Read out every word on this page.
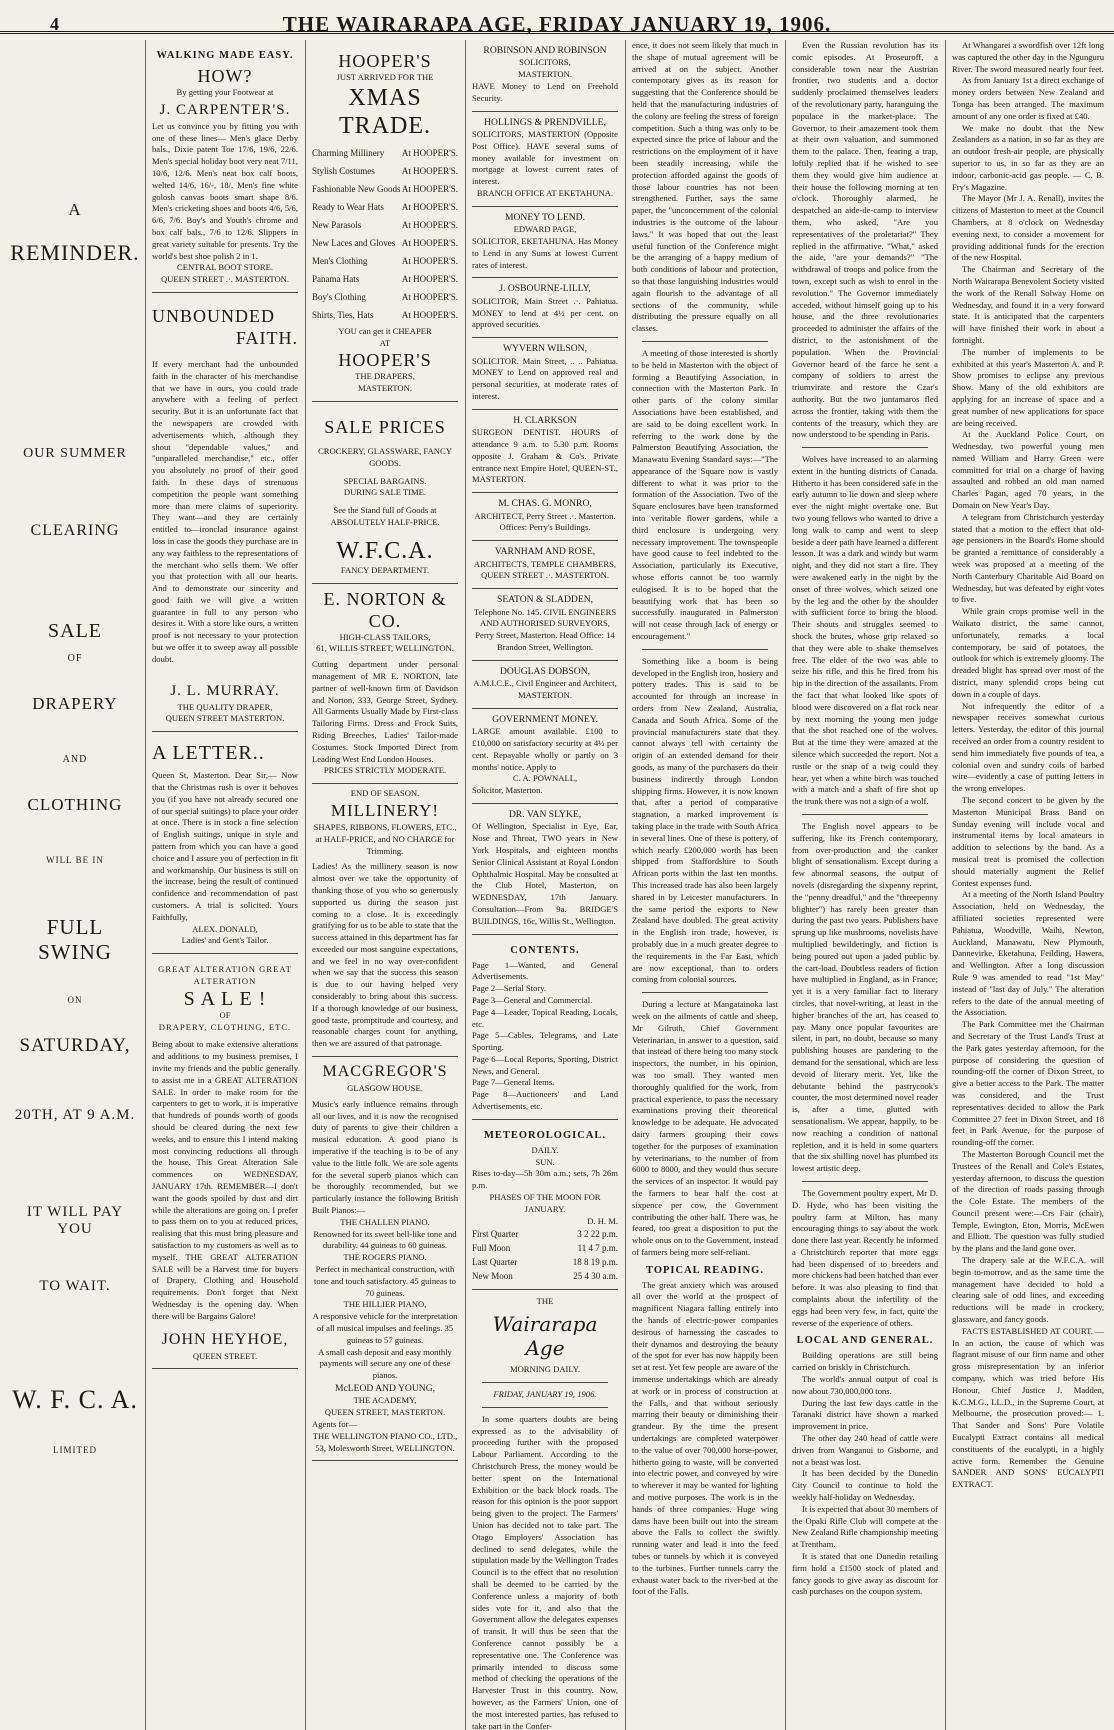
4	THE WAIRARAPA AGE, FRIDAY JANUARY 19, 1906.
A
REMINDER.
OUR SUMMER
CLEARING
SALE
OF
DRAPERY
AND
CLOTHING
WILL BE IN
FULL SWING
ON
SATURDAY,
20TH, AT 9 A.M.
IT WILL PAY YOU
TO WAIT.
W. F. C. A.
LIMITED
WALKING MADE EASY.
HOW?
By getting your Footwear at
J. CARPENTER'S.

Let us convince you by fitting you with one of these lines— Men's glace Derby bals., Dixie patent Toe 17/6, 19/6, 22/6. Men's special holiday boot very neat 7/11, 10/6, 12/6. Men's neat box calf boots, welted 14/6, 16/-, 18/. Men's fine white golosh canvas boots smart shape 8/6. Men's cricketing shoes and boots 4/6, 5/6, 6/6, 7/6. Boy's and Youth's chrome and box calf bals., 7/6 to 12/6. Slippers in great variety suitable for presents. Try the world's best shoe polish 2 in 1.

CENTRAL BOOT STORE.
QUEEN STREET .·. MASTERTON.
UNBOUNDED
FAITH.

If every merchant had the unbounded faith in the character of his merchandise that we have in ours, you could trade anywhere with a feeling of perfect security. But it is an unfortunate fact that the newspapers are crowded with advertisements which, although they shout "dependable values," and "unparalleled merchandise," etc., offer you absolutely no proof of their good faith. In these days of strenuous competition the people want something more than mere claims of superiority. They want—and they are certainly entitled to—ironclad insurance against loss in case the goods they purchase are in any way faithless to the representations of the merchant who sells them. We offer you that protection with all our hearts. And to demonstrate our sincerity and good faith we will give a written guarantee in full to any person who desires it. With a store like ours, a written proof is not necessary to your protection but we offer it to sweep away all possible doubt.

J. L. MURRAY.
THE QUALITY DRAPER,
QUEEN STREET MASTERTON.
A LETTER..

Queen St, Masterton. Dear Sir,— Now that the Christmas rush is over it behoves you (if you have not already secured one of our special suitings) to place your order at once. There is in stock a fine selection of English suitings, unique in style and pattern from which you can have a good choice and I assure you of perfection in fit and workmanship. Our business is still on the increase, being the result of continued confidence and recommendation of past customers. A trial is solicited. Yours Faithfully,

ALEX. DONALD,
Ladies' and Gent's Tailor.
GREAT ALTERATION GREAT ALTERATION
S A L E !
OF
DRAPERY, CLOTHING, ETC.

Being about to make extensive alterations and additions to my business premises, I invite my friends and the public generally to assist me in a GREAT ALTERATION SALE. In order to make room for the carpenters to get to work, it is imperative that hundreds of pounds worth of goods should be cleared during the next few weeks, and to ensure this I intend making most convincing reductions all through the house. This Great Alteration Sale commences on WEDNESDAY, JANUARY 17th. REMEMBER—I don't want the goods spoiled by dust and dirt while the alterations are going on. I prefer to pass them on to you at reduced prices, realising that this must bring pleasure and satisfaction to my customers as well as to myself. THE GREAT ALTERATION SALE will be a Harvest time for buyers of Drapery, Clothing and Household requirements. Don't forget that Next Wednesday is the opening day. When there will be Bargains Galore!

JOHN HEYHOE,
QUEEN STREET.
HOOPER'S
JUST ARRIVED FOR THE
XMAS TRADE.
Charming Millinery At HOOPER'S.
Stylish Costumes	At HOOPER'S.
Fashionable New Goods At HOOPER'S.
Ready to Wear Hats At HOOPER'S.
New Parasols	At HOOPER'S.
New Laces and Gloves At HOOPER'S.
Men's Clothing	At HOOPER'S.
Panama Hats	At HOOPER'S.
Boy's Clothing	At HOOPER'S.
Shirts, Ties, Hats	At HOOPER'S.
YOU can get it CHEAPER
AT
HOOPER'S
THE DRAPERS,
MASTERTON.
SALE PRICES
CROCKERY, GLASSWARE, FANCY GOODS.
SPECIAL BARGAINS.
DURING SALE TIME.
See the Stand full of Goods at
ABSOLUTELY HALF-PRICE.
W.F.C.A.
FANCY DEPARTMENT.
E. NORTON & CO.
HIGH-CLASS TAILORS,
61, WILLIS STREET, WELLINGTON.

Cutting department under personal management of MR E. NORTON, late partner of well-known firm of Davidson and Norton, 333, George Street, Sydney. All Garments Usually Made by First-class Tailoring Firms. Dress and Frock Suits, Riding Breeches, Ladies' Tailor-made Costumes. Stock Imported Direct from Leading West End London Houses.

PRICES STRICTLY MODERATE.
END OF SEASON.
MILLINERY!
SHAPES, RIBBONS, FLOWERS, ETC.,
at HALF-PRICE, and NO CHARGE for Trimming.

Ladies! As the millinery season is now almost over we take the opportunity of thanking those of you who so generously supported us during the season just coming to a close. It is exceedingly gratifying for us to be able to state that the success attained in this department has far exceeded our most sanguine expectations, and we feel in no way over-confident when we say that the success this season is due to our having helped very considerably to bring about this success. If a thorough knowledge of our business, good taste, promptitude and courtesy, and reasonable charges count for anything, then we are assured of that patronage.

MACGREGOR'S
GLASGOW HOUSE.

Music's early influence remains through all our lives, and it is now the recognised duty of parents to give their children a musical education. A good piano is imperative if the teaching is to be of any value to the little folk. We are sole agents for the several superb pianos which can be thoroughly recommended, but we particularly instance the following British Built Pianos:—

THE CHALLEN PIANO.

Renowned for its sweet bell-like tone and durability. 44 guineas to 60 guineas.

THE ROGERS PIANO.

Perfect in mechanical construction, with tone and touch satisfactory. 45 guineas to 70 guineas.

THE HILLIER PIANO,

A responsive vehicle for the interpretation of all musical impulses and feelings. 35 guineas to 57 guineas.

A small cash deposit and easy monthly payments will secure any one of these pianos.

McLEOD AND YOUNG,
THE ACADEMY,
QUEEN STREET, MASTERTON.
Agents for—
THE WELLINGTON PIANO CO., LTD.,
53, Molesworth Street, WELLINGTON.
ROBINSON AND ROBINSON
SOLICITORS,
MASTERTON.

HAVE Money to Lend on Freehold Security.

HOLLINGS & PRENDVILLE,

SOLICITORS, MASTERTON (Opposite Post Office). HAVE several sums of money available for investment on mortgage at lowest current rates of interest.

BRANCH OFFICE AT EKETAHUNA.
MONEY TO LEND.
EDWARD PAGE,

SOLICITOR, EKETAHUNA. Has Money to Lend in any Sums at lowest Current rates of interest.

J. OSBOURNE-LILLY,

SOLICITOR, Main Street .·. Pahiatua. MONEY to lend at 4½ per cent. on approved securities.

WYVERN WILSON,

SOLICITOR. Main Street, .. .. Pahiatua. MONEY to Lend on approved real and personal securities, at moderate rates of interest.

H. CLARKSON

SURGEON DENTIST. HOURS of attendance 9 a.m. to 5.30 p.m. Rooms opposite J. Graham & Co's. Private entrance next Empire Hotel, QUEEN-ST., MASTERTON.

M. CHAS. G. MONRO,

ARCHITECT, Perry Street .·. Masterton. Offices: Perry's Buildings.

VARNHAM AND ROSE,

ARCHITECTS, TEMPLE CHAMBERS, QUEEN STREET .·. MASTERTON.

SEATON & SLADDEN,

Telephone No. 145. CIVIL ENGINEERS AND AUTHORISED SURVEYORS, Perry Street, Masterton. Head Office: 14 Brandon Street, Wellington.

DOUGLAS DOBSON,

A.M.I.C.E., Civil Engineer and Architect, MASTERTON.

GOVERNMENT MONEY.

LARGE amount available. £100 to £10,000 on satisfactory security at 4½ per cent. Repayable wholly or partly on 3 months' notice. Apply to

C. A. POWNALL,
Solicitor, Masterton.
DR. VAN SLYKE,

Of Wellington, Specialist in Eye, Ear, Nose and Throat, TWO years in New York Hospitals, and eighteen months Senior Clinical Assistant at Royal London Ophthalmic Hospital. May be consulted at the Club Hotel, Masterton, on WEDNESDAY, 17th January. Consultation—From 9a. BRIDGE'S BUILDINGS, 16c, Willis St., Wellington.

CONTENTS.
Page 1—Wanted, and General Advertisements.
Page 2—Serial Story.
Page 3—General and Commercial.
Page 4—Leader, Topical Reading, Locals, etc.
Page 5—Cables, Telegrams, and Late Sporting.
Page 6—Local Reports, Sporting, District News, and General.
Page 7—General Items.
Page 8—Auctioneers' and Land Advertisements, etc.
METEOROLOGICAL.
DAILY.
SUN.

Rises to-day—5h 30m a.m.; sets, 7h 26m p.m.

PHASES OF THE MOON FOR JANUARY.
D. H. M.
First Quarter	3 2 22 p.m.
Full Moon	11 4 7 p.m.
Last Quarter	18 8 19 p.m.
New Moon	25 4 30 a.m.
THE
Wairarapa Age
MORNING DAILY.
FRIDAY, JANUARY 19, 1906.

In some quarters doubts are being expressed as to the advisability of proceeding further with the proposed Labour Parliament. According to the Christchurch Press, the money would be better spent on the International Exhibition or the back block roads. The reason for this opinion is the poor support being given to the project. The Farmers' Union has decided not to take part. The Otago Employers' Association has declined to send delegates, while the stipulation made by the Wellington Trades Council is to the effect that no resolution shall be deemed to be carried by the Conference unless a majority of both sides vote for it, and also that the Government allow the delegates expenses of transit. It will thus be seen that the Conference cannot possibly be a representative one. The Conference was primarily intended to discuss some method of checking the operations of the Harvester Trust in this country. Now, however, as the Farmers' Union, one of the most interested parties, has refused to take part in the Confer-

ence, it does not seem likely that much in the shape of mutual agreement will be arrived at on the subject. Another contemporary gives as its reason for suggesting that the Conference should be held that the manufacturing industries of the colony are feeling the stress of foreign competition. Such a thing was only to be expected since the price of labour and the restrictions on the employment of it have been steadily increasing, while the protection afforded against the goods of those labour countries has not been strengthened. Further, says the same paper, the "unconcernment of the colonial industries is the outcome of the labour laws." It was hoped that out the least useful function of the Conference might be the arranging of a happy medium of both conditions of labour and protection, so that those languishing industries would again flourish to the advantage of all sections of the community, while distributing the pressure equally on all classes.

A meeting of those interested is shortly to be held in Masterton with the object of forming a Beautifying Association, in connection with the Masterton Park. In other parts of the colony similar Associations have been established, and are said to be doing excellent work. In referring to the work done by the Palmerston Beautifying Association, the Manawatu Evening Standard says:—"The appearance of the Square now is vastly different to what it was prior to the formation of the Association. Two of the Square enclosures have been transformed into veritable flower gardens, while a third enclosure is undergoing very necessary improvement. The townspeople have good cause to feel indebted to the Association, particularly its Executive, whose efforts cannot be too warmly eulogised. It is to be hoped that the beautifying work that has been so successfully inaugurated in Palmerston will not cease through lack of energy or encouragement."

Something like a boom is being developed in the English iron, hosiery and pottery trades. This is said to be accounted for through an increase in orders from New Zealand, Australia, Canada and South Africa. Some of the provincial manufacturers state that they cannot always tell with certainty the origin of an extended demand for their goods, as many of the purchasers do their business indirectly through London shipping firms. However, it is now known that, after a period of comparative stagnation, a marked improvement is taking place in the trade with South Africa in several lines. One of these is pottery, of which nearly £200,000 worth has been shipped from Staffordshire to South African ports within the last ten months. This increased trade has also been largely shared in by Leicester manufacturers. In the same period the exports to New Zealand have doubled. The great activity in the English iron trade, however, is probably due in a much greater degree to the requirements in the Far East, which are now exceptional, than to orders coming from colonial sources.

During a lecture at Mangatainoka last week on the ailments of cattle and sheep, Mr Gilruth, Chief Government Veterinarian, in answer to a question, said that instead of there being too many stock inspectors, the number, in his opinion, was too small. They wanted men thoroughly qualified for the work, from practical experience, to pass the necessary examinations proving their theoretical knowledge to be adequate. He advocated dairy farmers grouping their cows together for the purposes of examination by veterinarians, to the number of from 6000 to 8000, and they would thus secure the services of an inspector. It would pay the farmers to bear half the cost at sixpence per cow, the Government contributing the other half. There was, he feared, too great a disposition to put the whole onus on to the Government, instead of farmers being more self-reliant.

TOPICAL READING.

The great anxiety which was aroused all over the world at the prospect of magnificent Niagara falling entirely into the hands of electric-power companies desirous of harnessing the cascades to their dynamos and destroying the beauty of the spot for ever has now happily been set at rest. Yet few people are aware of the immense undertakings which are already at work or in process of construction at the Falls, and that without seriously marring their beauty or diminishing their grandeur. By the time the present undertakings are completed waterpower to the value of over 700,000 horse-power, hitherto going to waste, will be converted into electric power, and conveyed by wire to wherever it may be wanted for lighting and motive purposes. The work is in the hands of three companies. Huge wing dams have been built out into the stream above the Falls to collect the swiftly running water and lead it into the feed tubes or tunnels by which it is conveyed to the turbines. Further tunnels carry the exhaust water back to the river-bed at the foot of the Falls.

Even the Russian revolution has its comic episodes. At Proseuroff, a considerable town near the Austrian frontier, two students and a doctor suddenly proclaimed themselves leaders of the revolutionary party, haranguing the populace in the market-place. The Governor, to their amazement took them at their own valuation, and summoned them to the palace. Then, fearing a trap, loftily replied that if he wished to see them they would give him audience at their house the following morning at ten o'clock. Thoroughly alarmed, he despatched an aide-de-camp to interview them, who asked, "Are you representatives of the proletariat?" They replied in the affirmative. "What," asked the aide, "are your demands?" "The withdrawal of troops and police from the town, except such as wish to enrol in the revolution." The Governor immediately acceded, without himself going up to his house, and the three revolutionaries proceeded to administer the affairs of the district, to the astonishment of the population. When the Provincial Governor heard of the farce he sent a company of soldiers to arrest the triumvirate and restore the Czar's authority. But the two juntamaros fled across the frontier, taking with them the contents of the treasury, which they are now understood to be spending in Paris.

Wolves have increased to an alarming extent in the hunting districts of Canada. Hitherto it has been considered safe in the early autumn to lie down and sleep where ever the night might overtake one. But two young fellows who wanted to drive a long walk to camp and went to sleep beside a deer path have learned a different lesson. It was a dark and windy but warm night, and they did not start a fire. They were awakened early in the night by the onset of three wolves, which seized one by the leg and the other by the shoulder with sufficient force to bring the blood. Their shouts and struggles seemed to shock the brutes, whose grip relaxed so that they were able to shake themselves free. The elder of the two was able to seize his rifle, and this he fired from his hip in the direction of the assailants. From the fact that what looked like spots of blood were discovered on a flat rock near by next morning the young men judge that the shot reached one of the wolves. But at the time they were amazed at the silence which succeeded the report. Not a rustle or the snap of a twig could they hear, yet when a white birch was touched with a match and a shaft of fire shot up the trunk there was not a sign of a wolf.

The English novel appears to be suffering, like its French contemporary, from over-production and the canker blight of sensationalism. Except during a few abnormal seasons, the output of novels (disregarding the sixpenny reprint, the "penny dreadful," and the "threepenny blighter") has rarely been greater than during the past two years. Publishers have sprung up like mushrooms, novelists have multiplied bewilderingly, and fiction is being poured out upon a jaded public by the cart-load. Doubtless readers of fiction have multiplied in England, as in France; yet it is a very familiar fact to literary circles, that novel-writing, at least in the higher branches of the art, has ceased to pay. Many once popular favourites are silent, in part, no doubt, because so many publishing houses are pandering to the demand for the sensational, which are less devoid of literary merit. Yet, like the debutante behind the pastrycook's counter, the most determined novel reader is, after a time, glutted with sensationalism. We appear, happily, to be now reaching a condition of national repletion, and it is held in some quarters that the six shilling novel has plumbed its lowest artistic deep.

The Government poultry expert, Mr D. D. Hyde, who has been visiting the poultry farm at Milton, has many encouraging things to say about the work done there last year. Recently he informed a Christchurch reporter that more eggs had been dispensed of to breeders and more chickens had been hatched than ever before. It was also pleasing to find that complaints about the infertility of the eggs had been very few, in fact, quite the reverse of the experience of others.

LOCAL AND GENERAL.

Building operations are still being carried on briskly in Christchurch.

The world's annual output of coal is now about 730,000,000 tons.

During the last few days cattle in the Taranaki district have shown a marked improvement in price.

The other day 240 head of cattle were driven from Wanganui to Gisborne, and not a beast was lost.

It has been decided by the Dunedin City Council to continue to hold the weekly half-holiday on Wednesday.

It is expected that about 30 members of the Opaki Rifle Club will compete at the New Zealand Rifle championship meeting at Trentham.

It is stated that one Dunedin retailing firm hold a £1500 stock of plated and fancy goods to give away as discount for cash purchases on the coupon system.

At Whangarei a swordfish over 12ft long was captured the other day in the Ngunguru River. The sword measured nearly four feet.

As from January 1st a direct exchange of money orders between New Zealand and Tonga has been arranged. The maximum amount of any one order is fixed at £40.

We make no doubt that the New Zealanders as a nation, in so far as they are an outdoor fresh-air people, are physically superior to us, in so far as they are an indoor, carbonic-acid gas people. — C. B. Fry's Magazine.

The Mayor (Mr J. A. Renall), invites the citizens of Masterton to meet at the Council Chambers, at 8 o'clock on Wednesday evening next, to consider a movement for providing additional funds for the erection of the new Hospital.

The Chairman and Secretary of the North Wairarapa Benevolent Society visited the work of the Renall Solway Home on Wednesday, and found it in a very forward state. It is anticipated that the carpenters will have finished their work in about a fortnight.

The number of implements to be exhibited at this year's Masterton A. and P. Show promises to eclipse any previous Show. Many of the old exhibitors are applying for an increase of space and a great number of new applications for space are being received.

At the Auckland Police Court, on Wednesday, two powerful young men named William and Harry Green were committed for trial on a charge of having assaulted and robbed an old man named Charles Pagan, aged 70 years, in the Domain on New Year's Day.

A telegram from Christchurch yesterday stated that a motion to the effect that old-age pensioners in the Board's Home should be granted a remittance of considerably a week was proposed at a meeting of the North Canterbury Charitable Aid Board on Wednesday, but was defeated by eight votes to five.

While grain crops promise well in the Waikato district, the same cannot, unfortunately, remarks a local contemporary, be said of potatoes, the outlook for which is extremely gloomy. The dreaded blight has spread over most of the district, many splendid crops being cut down in a couple of days.

Not infrequently the editor of a newspaper receives somewhat curious letters. Yesterday, the editor of this journal received an order from a country resident to send him immediately five pounds of tea, a colonial oven and sundry coils of barbed wire—evidently a case of putting letters in the wrong envelopes.

The second concert to be given by the Masterton Municipal Brass Band on Sunday evening will include vocal and instrumental items by local amateurs in addition to selections by the band. As a musical treat is promised the collection should materially augment the Relief Contest expenses fund.

At a meeting of the North Island Poultry Association, held on Wednesday, the affiliated societies represented were Pahiatua, Woodville, Waihi, Newton, Auckland, Manawatu, New Plymouth, Dannevirke, Eketahuna, Feilding, Hawera, and Wellington. After a long discussion Rule 9 was amended to read "1st May" instead of "last day of July." The alteration refers to the date of the annual meeting of the Association.

The Park Committee met the Chairman and Secretary of the Trust Land's Trust at the Park gates yesterday afternoon, for the purpose of considering the question of rounding-off the corner of Dixon Street, to give a better access to the Park. The matter was considered, and the Trust representatives decided to allow the Park Committee 27 feet in Dixon Street, and 18 feet in Park Avenue, for the purpose of rounding-off the corner.

The Masterton Borough Council met the Trustees of the Renall and Cole's Estates, yesterday afternoon, to discuss the question of the direction of roads passing through the Cole Estate. The members of the Council present were:—Crs Fair (chair), Temple, Ewington, Eton, Morris, McEwen and Elliott. The question was fully studied by the plans and the land gone over.

The drapery sale at the W.F.C.A. will begin to-morrow, and as the same time the management have decided to hold a clearing sale of odd lines, and exceeding reductions will be made in crockery, glassware, and fancy goods.

FACTS ESTABLISHED AT COURT. — In an action, the cause of which was flagrant misuse of our firm name and other gross misrepresentation by an inferior company, which was tried before His Honour, Chief Justice J. Madden, K.C.M.G., LL.D., in the Supreme Court, at Melbourne, the prosecution proved:— 1. That Sander and Sons' Pure Volatile Eucalypti Extract contains all medical constituents of the eucalypti, in a highly active form. Remember the Genuine SANDER AND SONS' EUCALYPTI EXTRACT.
